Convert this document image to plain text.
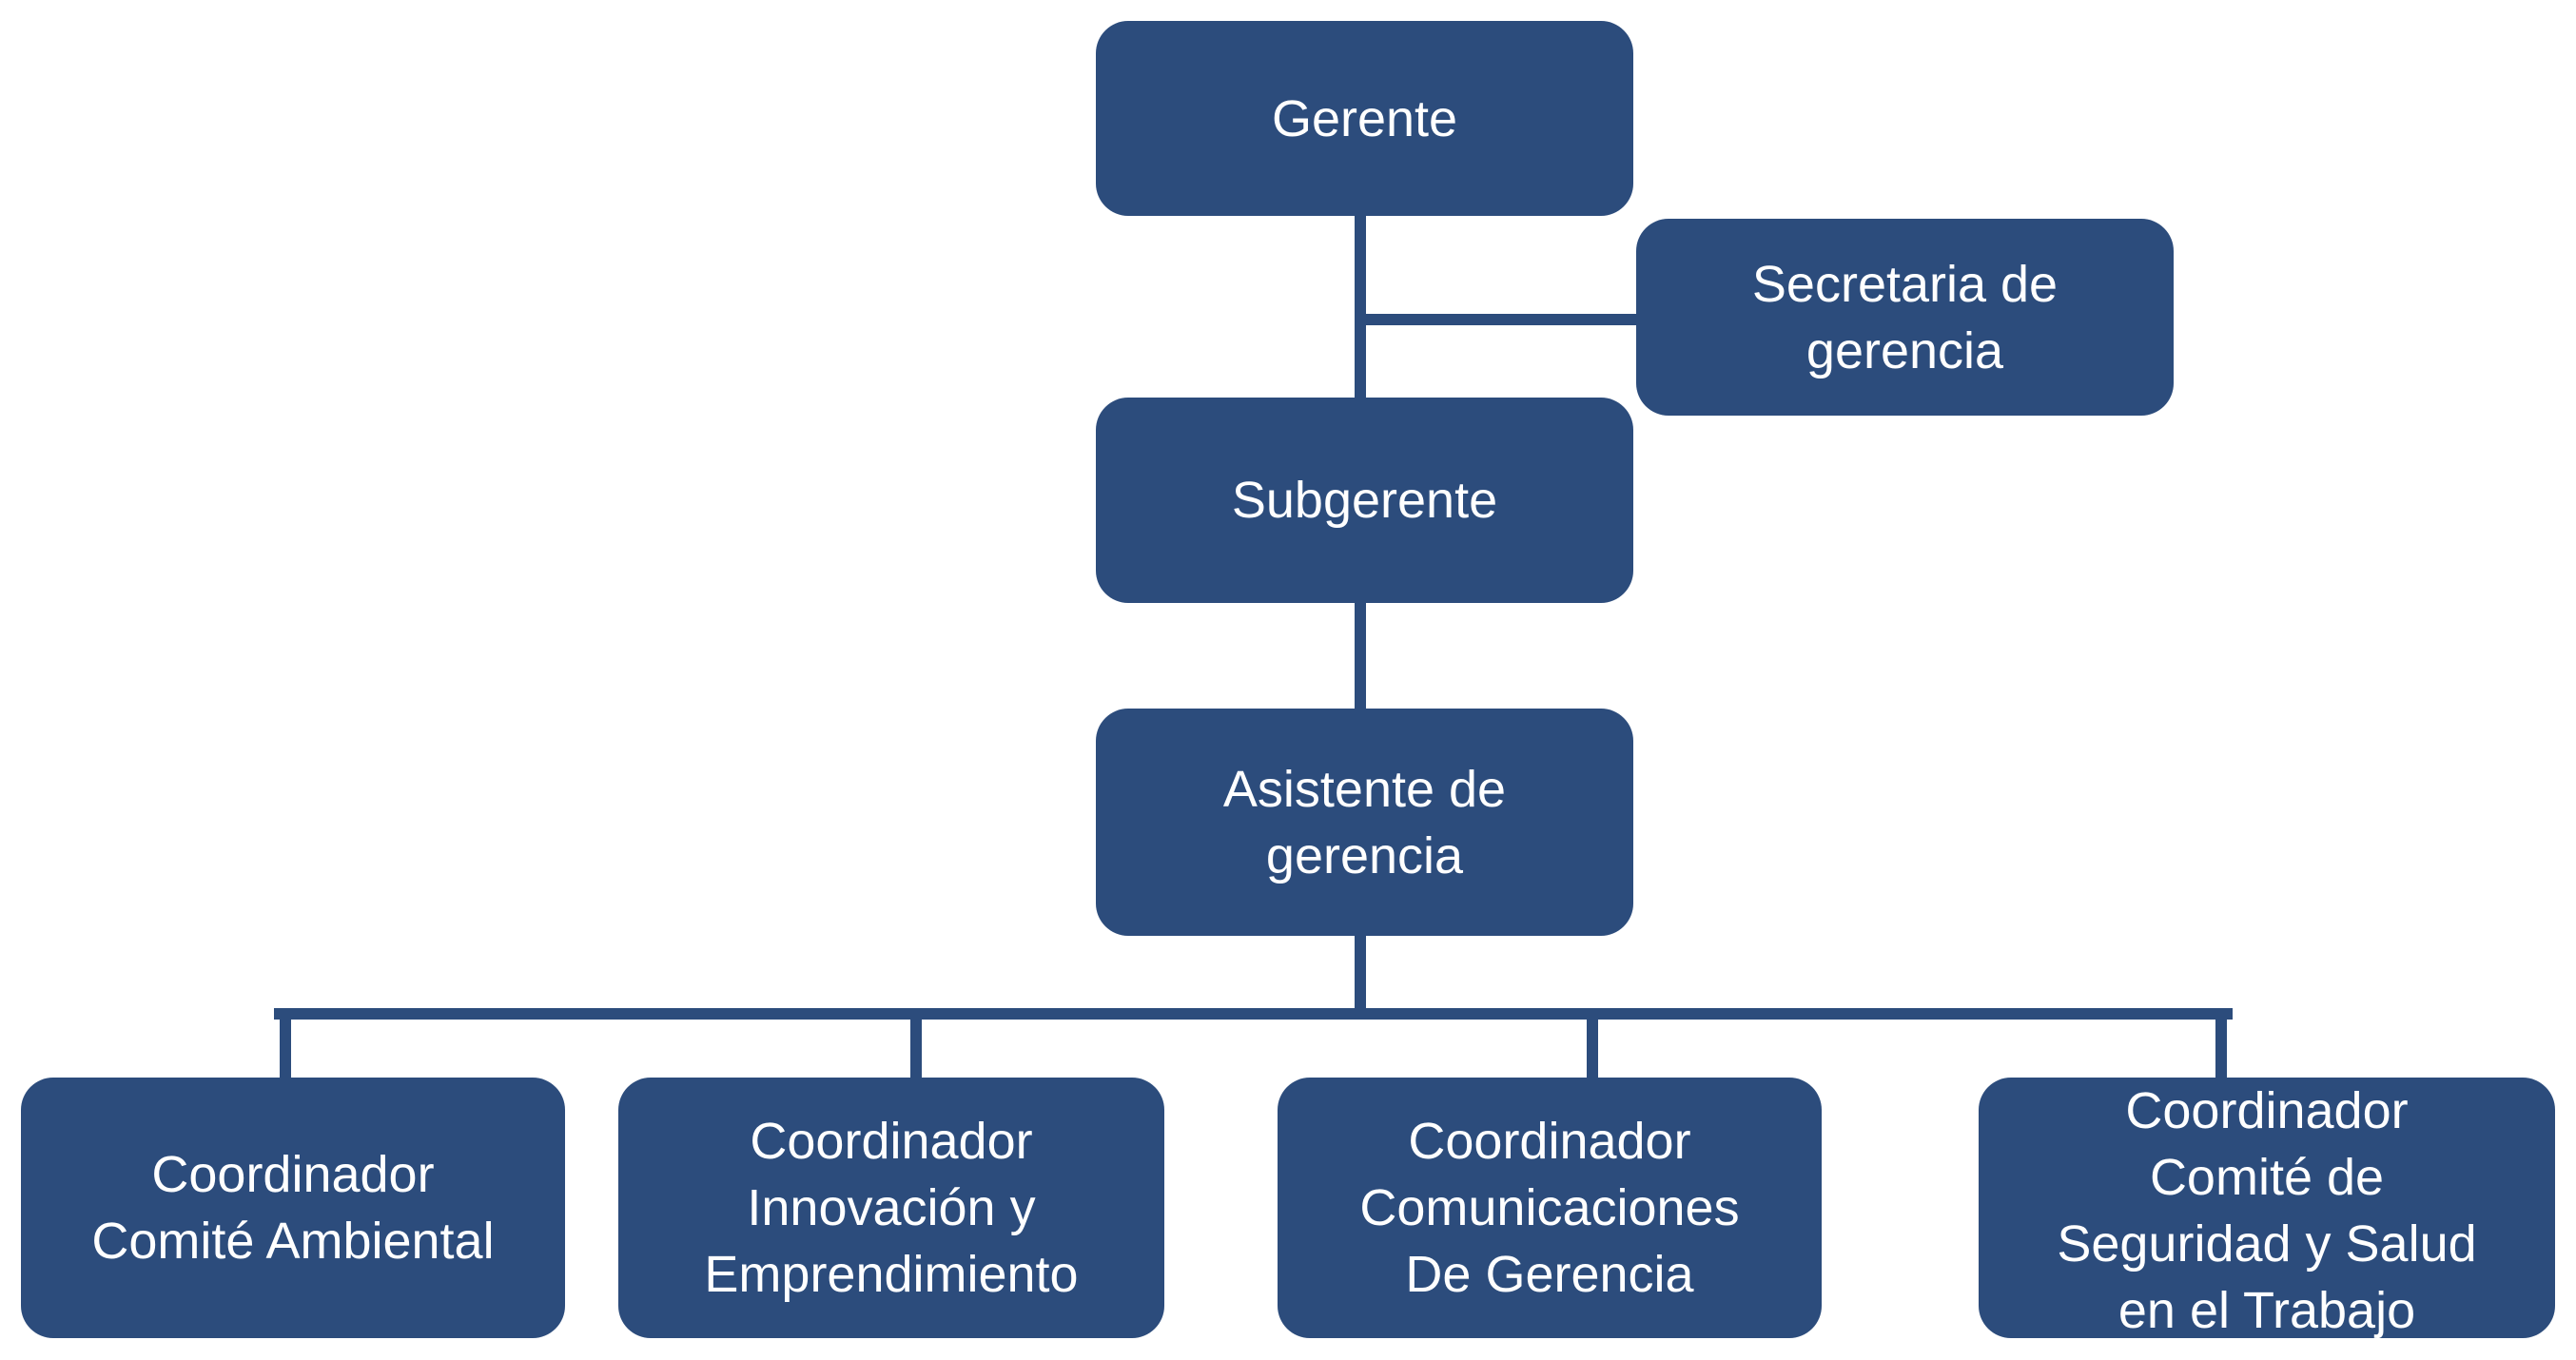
Gerente
Secretaria de
gerencia
Subgerente
Asistente de
gerencia
Coordinador
Comité Ambiental
Coordinador
Innovación y
Emprendimiento
Coordinador
Comunicaciones
De Gerencia
Coordinador
Comité de
Seguridad y Salud
en el Trabajo
